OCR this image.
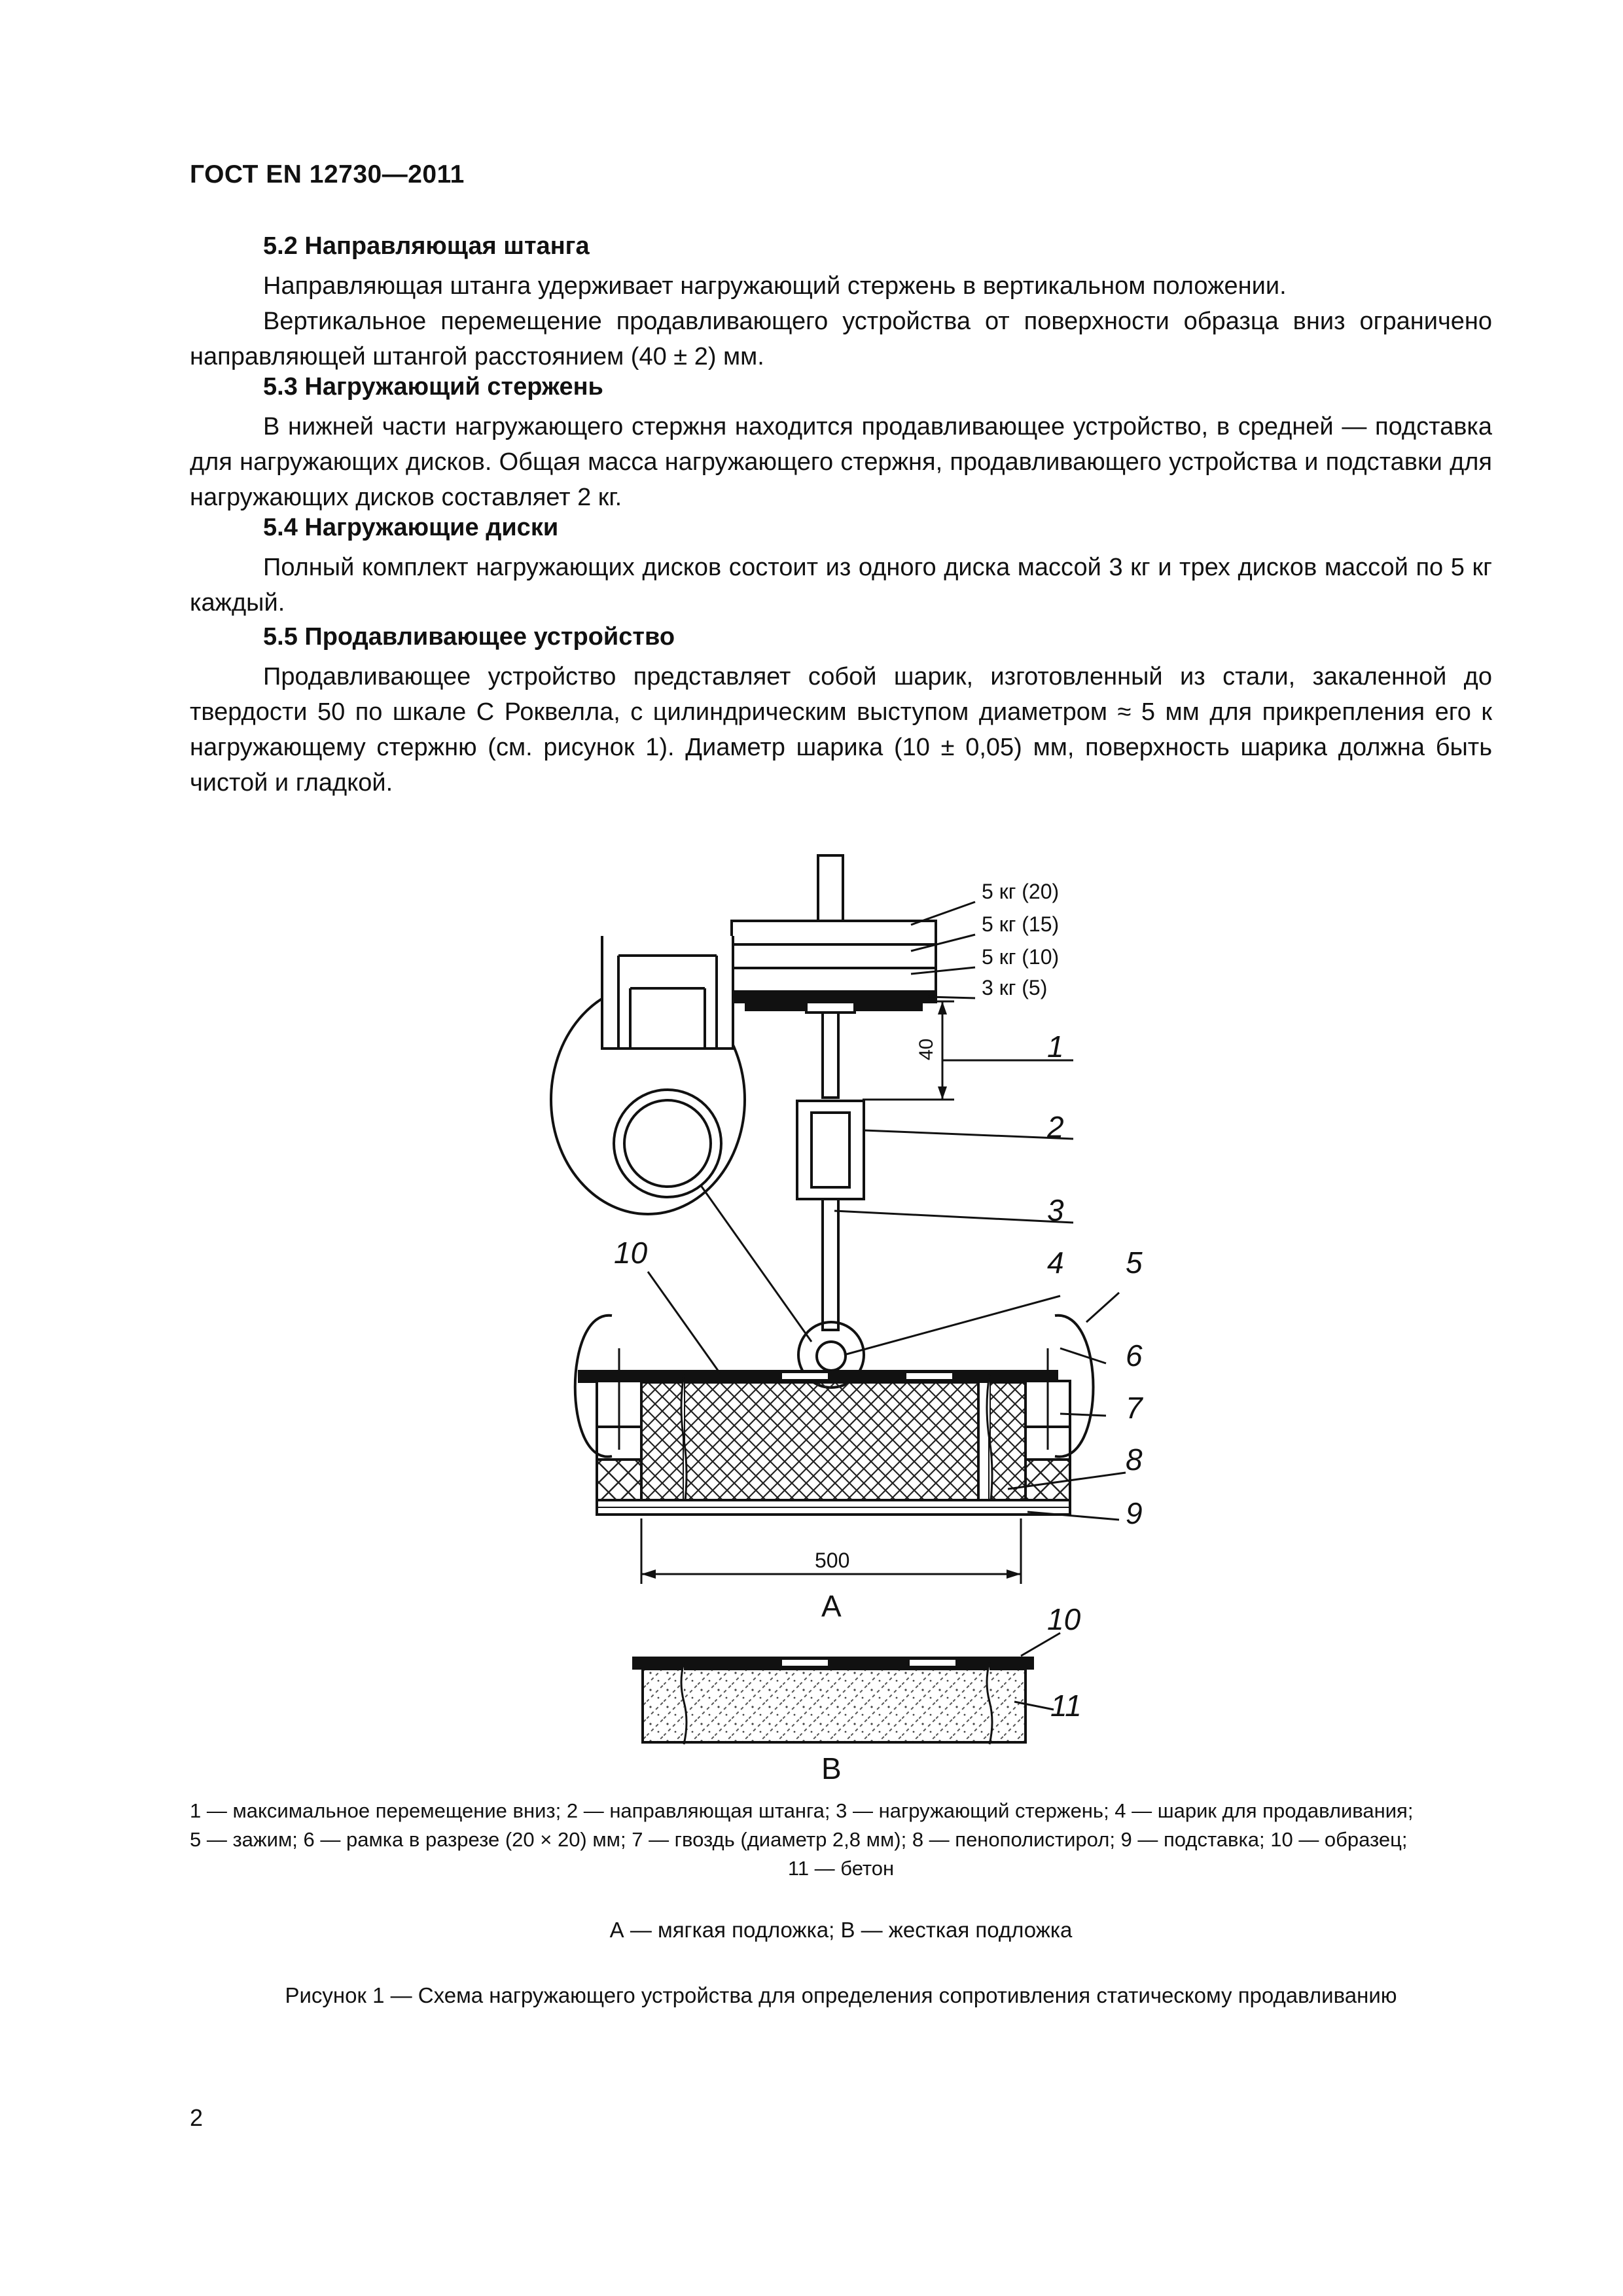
ГОСТ EN 12730—2011
5.2 Направляющая штанга

Направляющая штанга удерживает нагружающий стержень в вертикальном положении.

Вертикальное перемещение продавливающего устройства от поверхности образца вниз ограничено направляющей штангой расстоянием (40 ± 2) мм.

5.3 Нагружающий стержень

В нижней части нагружающего стержня находится продавливающее устройство, в средней — подставка для нагружающих дисков. Общая масса нагружающего стержня, продавливающего устройства и подставки для нагружающих дисков составляет 2 кг.

5.4 Нагружающие диски

Полный комплект нагружающих дисков состоит из одного диска массой 3 кг и трех дисков массой по 5 кг каждый.

5.5 Продавливающее устройство

Продавливающее устройство представляет собой шарик, изготовленный из стали, закаленной до твердости 50 по шкале С Роквелла, с цилиндрическим выступом диаметром ≈ 5 мм для прикрепления его к нагружающему стержню (см. рисунок 1). Диаметр шарика (10 ± 0,05) мм, поверхность шарика должна быть чистой и гладкой.

5 кг (20)
5 кг (15)
5 кг (10)
3 кг (5)
40
500
A
B
1
2
3
4 5
6
7
8
9
10
10
11
1 — максимальное перемещение вниз; 2 — направляющая штанга; 3 — нагружающий стержень; 4 — шарик для продавливания;
5 — зажим; 6 — рамка в разрезе (20 × 20) мм; 7 — гвоздь (диаметр 2,8 мм); 8 — пенополистирол; 9 — подставка; 10 — образец;
11 — бетон
А — мягкая подложка; В — жесткая подложка
Рисунок 1 — Схема нагружающего устройства для определения сопротивления статическому продавливанию
2
